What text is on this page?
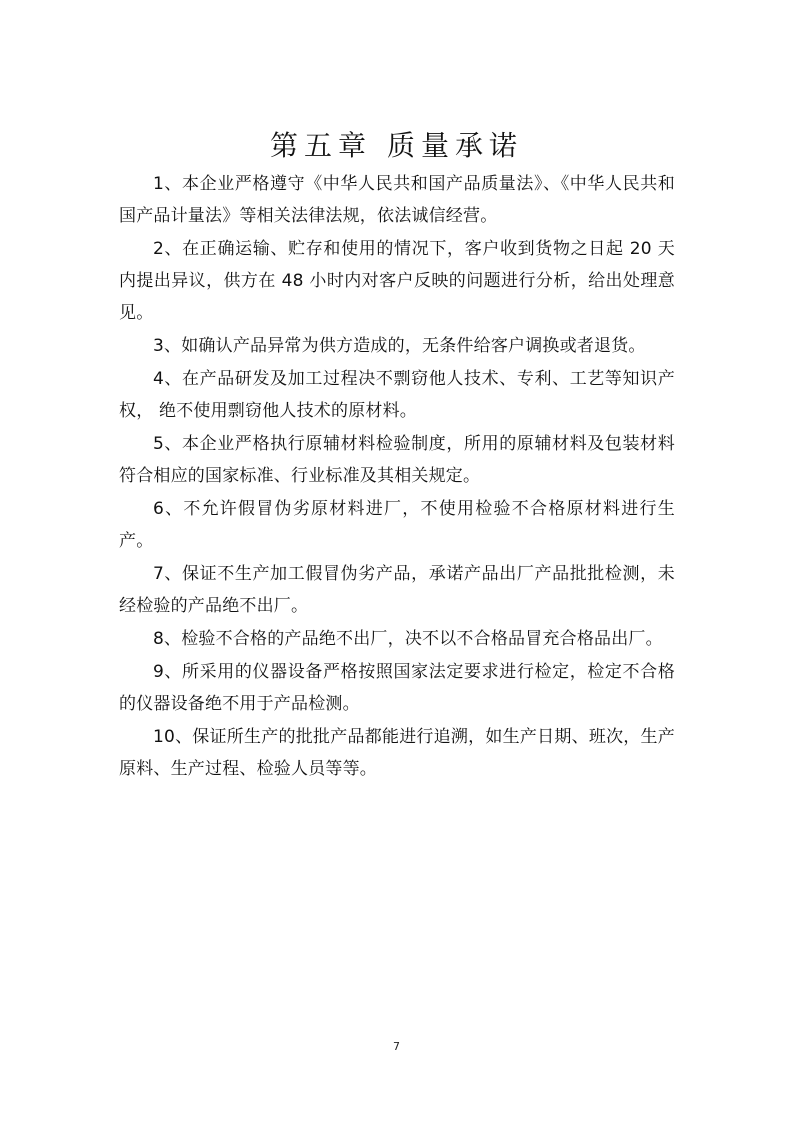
第五章 质量承诺

1、本企业严格遵守《中华人民共和国产品质量法》、《中华人民共和国产品计量法》等相关法律法规，依法诚信经营。

2、在正确运输、贮存和使用的情况下，客户收到货物之日起 20 天内提出异议，供方在 48 小时内对客户反映的问题进行分析，给出处理意见。

3、如确认产品异常为供方造成的，无条件给客户调换或者退货。

4、在产品研发及加工过程决不剽窃他人技术、专利、工艺等知识产权， 绝不使用剽窃他人技术的原材料。

5、本企业严格执行原辅材料检验制度，所用的原辅材料及包装材料符合相应的国家标准、行业标准及其相关规定。

6、不允许假冒伪劣原材料进厂，不使用检验不合格原材料进行生产。

7、保证不生产加工假冒伪劣产品，承诺产品出厂产品批批检测，未经检验的产品绝不出厂。

8、检验不合格的产品绝不出厂，决不以不合格品冒充合格品出厂。

9、所采用的仪器设备严格按照国家法定要求进行检定，检定不合格的仪器设备绝不用于产品检测。

10、保证所生产的批批产品都能进行追溯，如生产日期、班次，生产原料、生产过程、检验人员等等。

7
